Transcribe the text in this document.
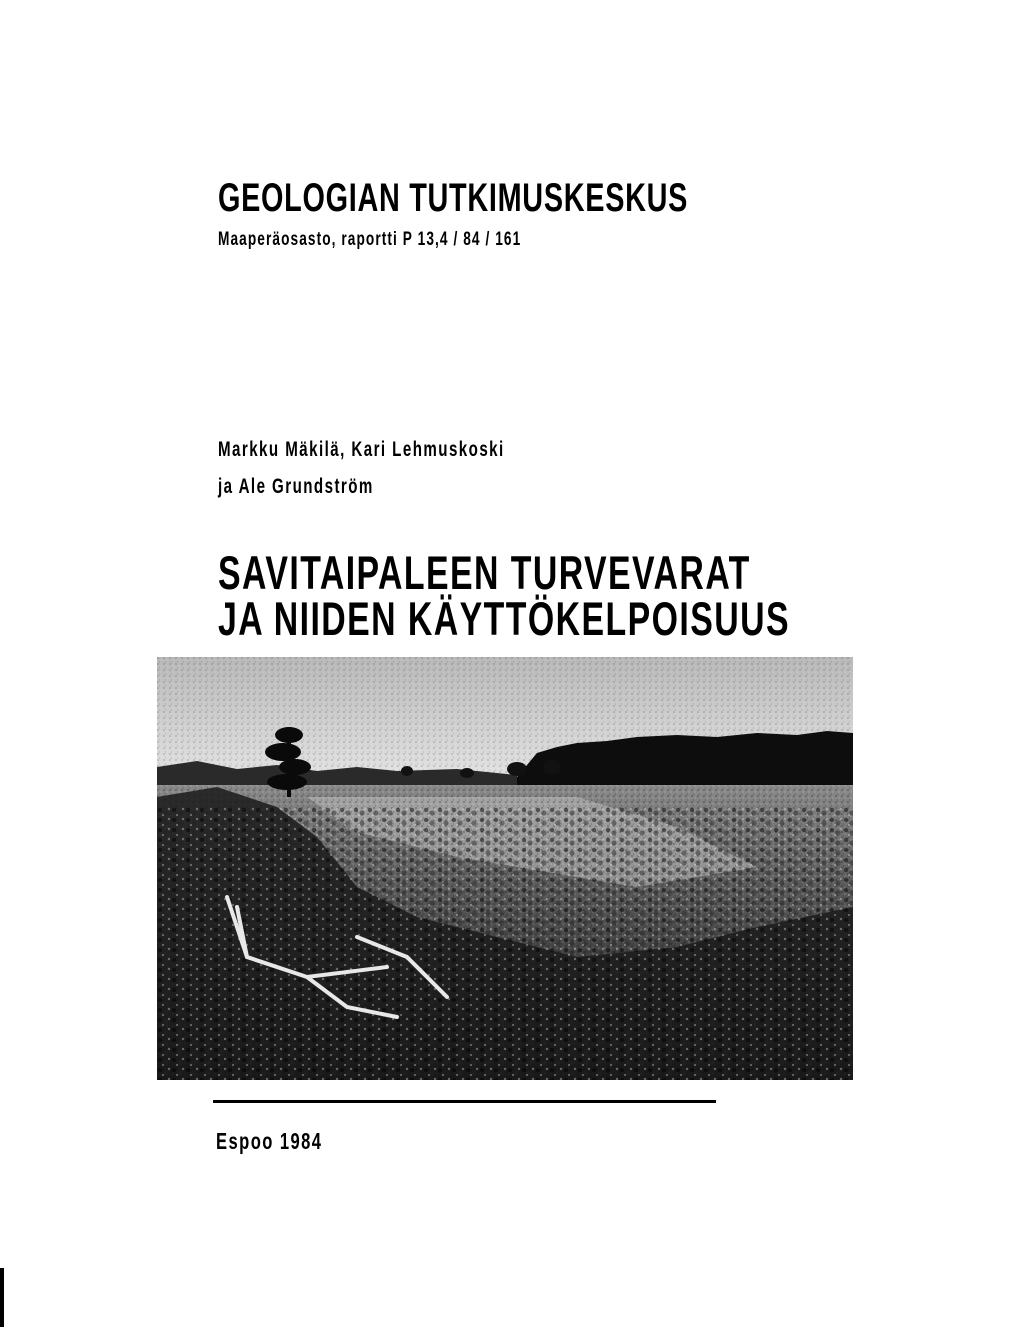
GEOLOGIAN TUTKIMUSKESKUS
Maaperäosasto, raportti P 13,4 / 84 / 161
Markku Mäkilä, Kari Lehmuskoski
ja Ale Grundström
SAVITAIPALEEN TURVEVARAT
JA NIIDEN KÄYTTÖKELPOISUUS
Espoo 1984
